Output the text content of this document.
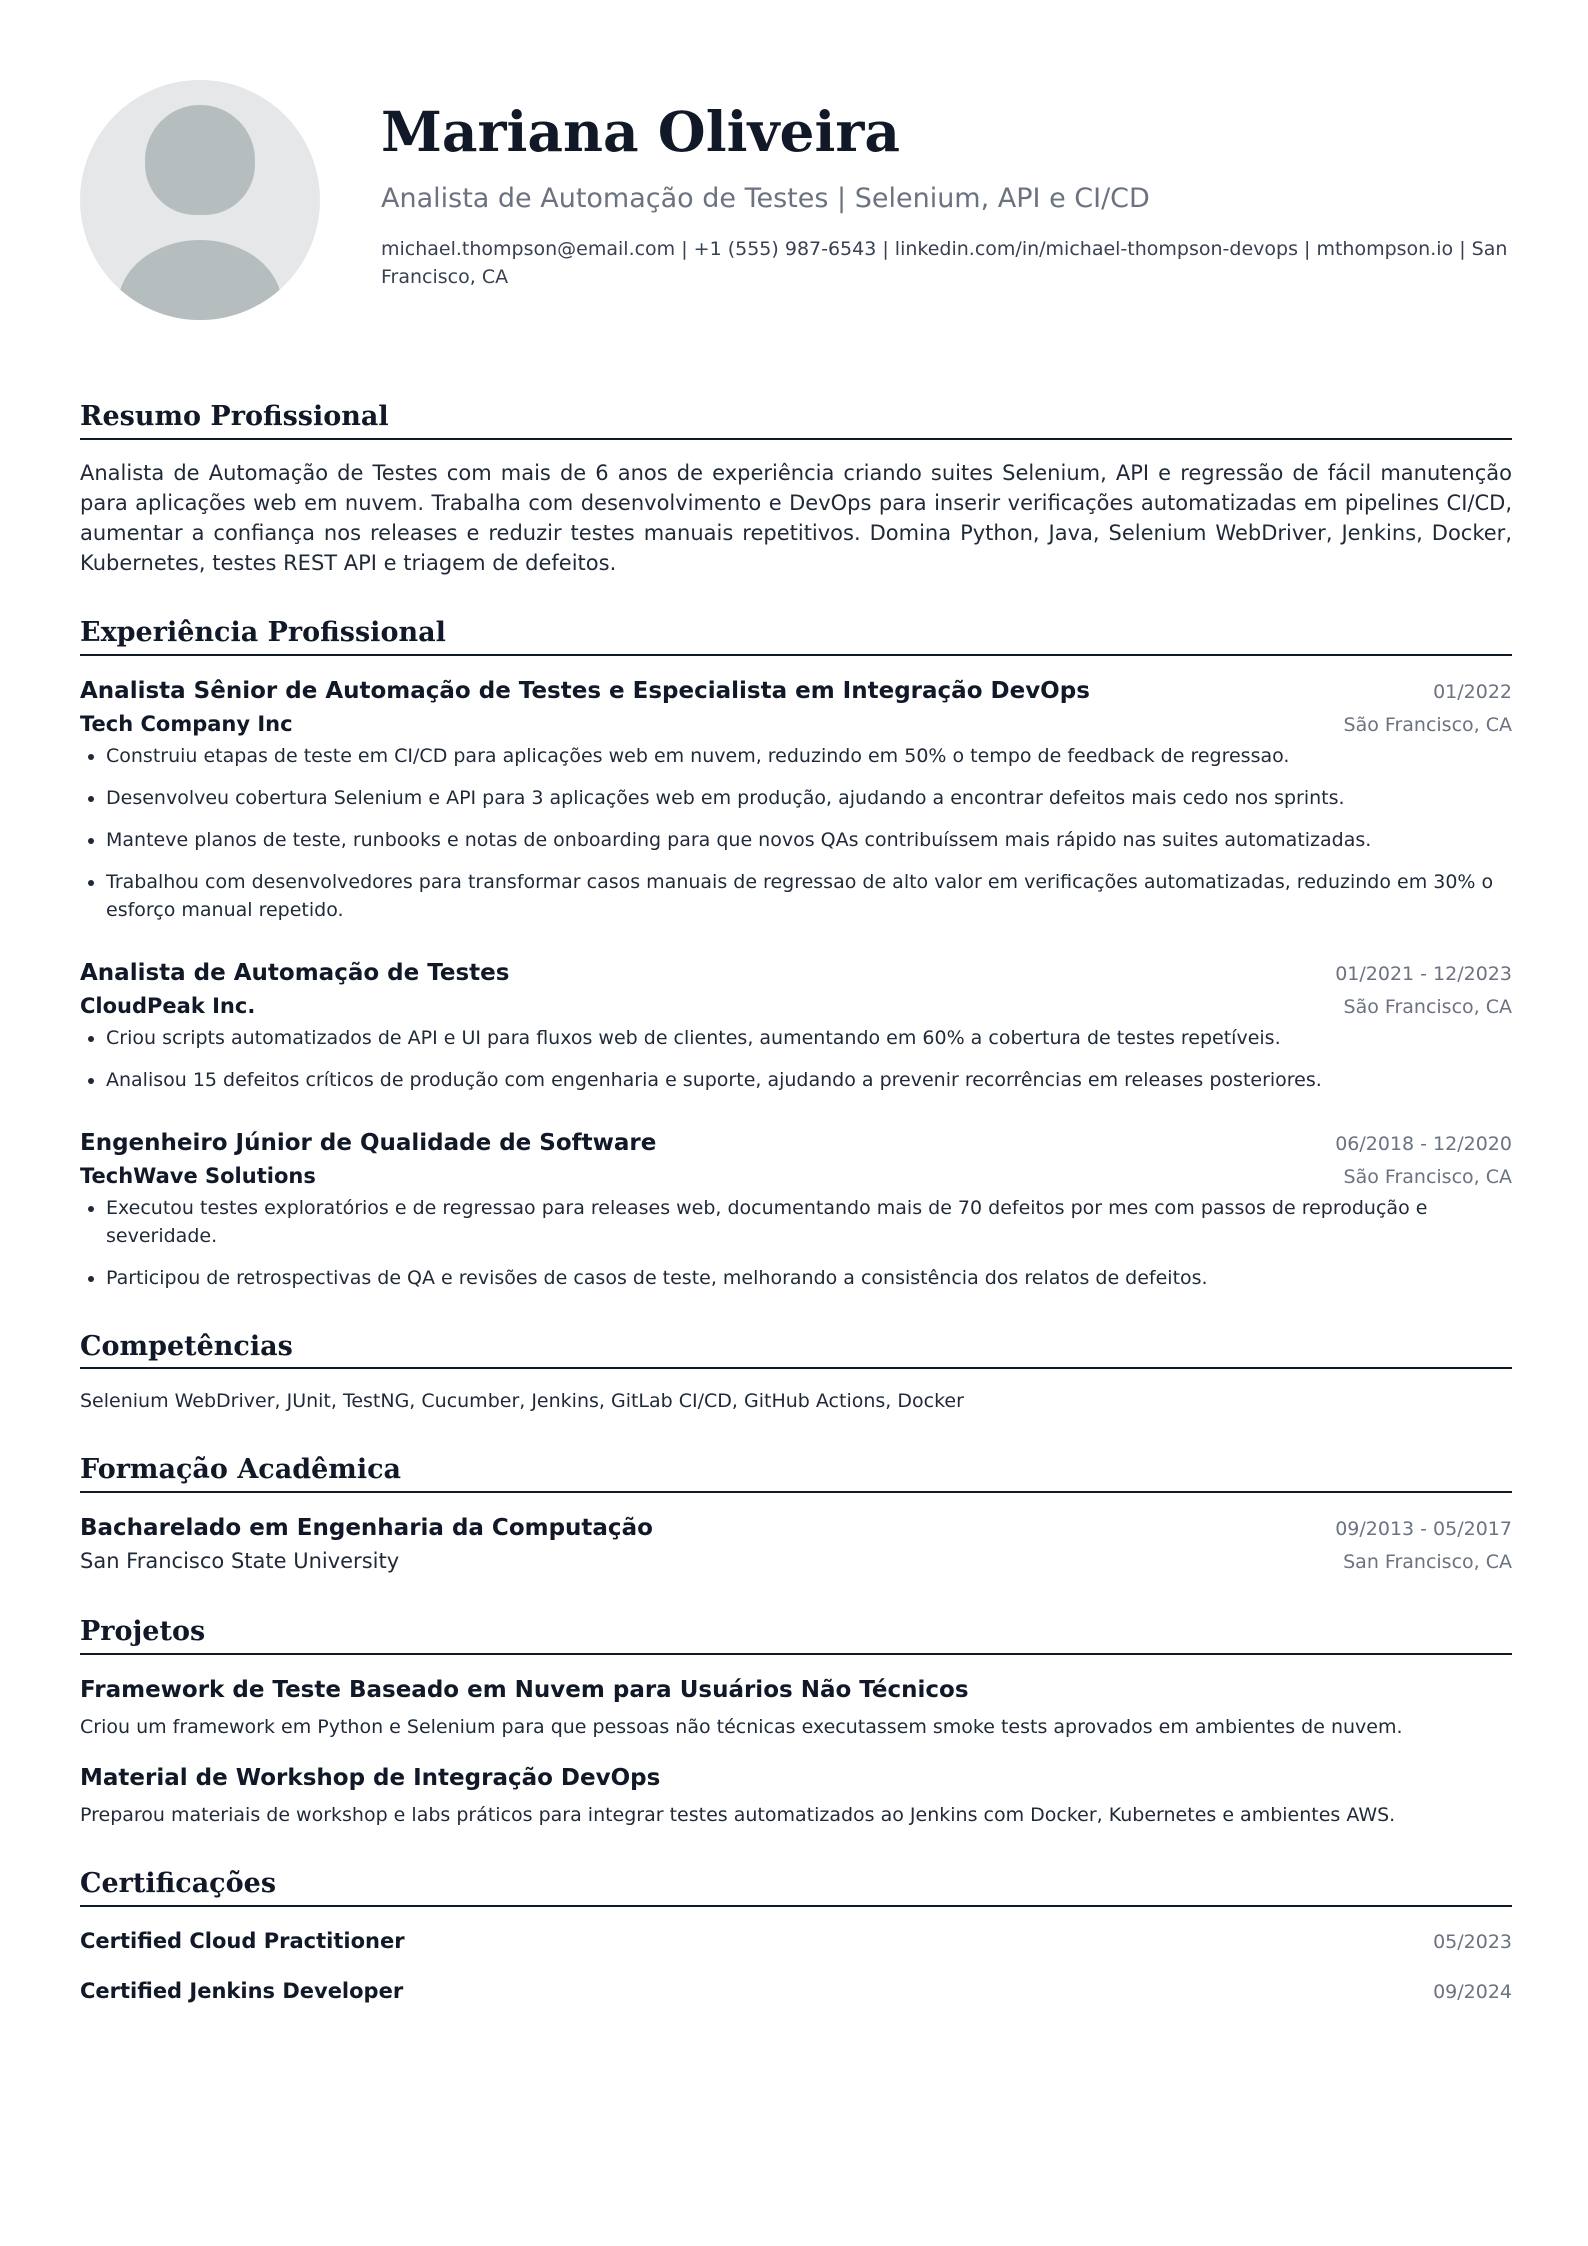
Mariana Oliveira
Analista de Automação de Testes | Selenium, API e CI/CD
michael.thompson@email.com | +1 (555) 987-6543 | linkedin.com/in/michael-thompson-devops | mthompson.io | San Francisco, CA
Resumo Profissional

Analista de Automação de Testes com mais de 6 anos de experiência criando suites Selenium, API e regressão de fácil manutenção para aplicações web em nuvem. Trabalha com desenvolvimento e DevOps para inserir verificações automatizadas em pipelines CI/CD, aumentar a confiança nos releases e reduzir testes manuais repetitivos. Domina Python, Java, Selenium WebDriver, Jenkins, Docker, Kubernetes, testes REST API e triagem de defeitos.

Experiência Profissional
Analista Sênior de Automação de Testes e Especialista em Integração DevOps	01/2022
Tech Company Inc	São Francisco, CA
• Construiu etapas de teste em CI/CD para aplicações web em nuvem, reduzindo em 50% o tempo de feedback de regressao.
• Desenvolveu cobertura Selenium e API para 3 aplicações web em produção, ajudando a encontrar defeitos mais cedo nos sprints.
• Manteve planos de teste, runbooks e notas de onboarding para que novos QAs contribuíssem mais rápido nas suites automatizadas.
• Trabalhou com desenvolvedores para transformar casos manuais de regressao de alto valor em verificações automatizadas, reduzindo em 30% o esforço manual repetido.
Analista de Automação de Testes	01/2021 - 12/2023
CloudPeak Inc.	São Francisco, CA
• Criou scripts automatizados de API e UI para fluxos web de clientes, aumentando em 60% a cobertura de testes repetíveis.
• Analisou 15 defeitos críticos de produção com engenharia e suporte, ajudando a prevenir recorrências em releases posteriores.
Engenheiro Júnior de Qualidade de Software	06/2018 - 12/2020
TechWave Solutions	São Francisco, CA
• Executou testes exploratórios e de regressao para releases web, documentando mais de 70 defeitos por mes com passos de reprodução e severidade.
• Participou de retrospectivas de QA e revisões de casos de teste, melhorando a consistência dos relatos de defeitos.
Competências
Selenium WebDriver, JUnit, TestNG, Cucumber, Jenkins, GitLab CI/CD, GitHub Actions, Docker
Formação Acadêmica
Bacharelado em Engenharia da Computação	09/2013 - 05/2017
San Francisco State University	San Francisco, CA
Projetos
Framework de Teste Baseado em Nuvem para Usuários Não Técnicos
Criou um framework em Python e Selenium para que pessoas não técnicas executassem smoke tests aprovados em ambientes de nuvem.
Material de Workshop de Integração DevOps
Preparou materiais de workshop e labs práticos para integrar testes automatizados ao Jenkins com Docker, Kubernetes e ambientes AWS.
Certificações
Certified Cloud Practitioner	05/2023
Certified Jenkins Developer	09/2024
